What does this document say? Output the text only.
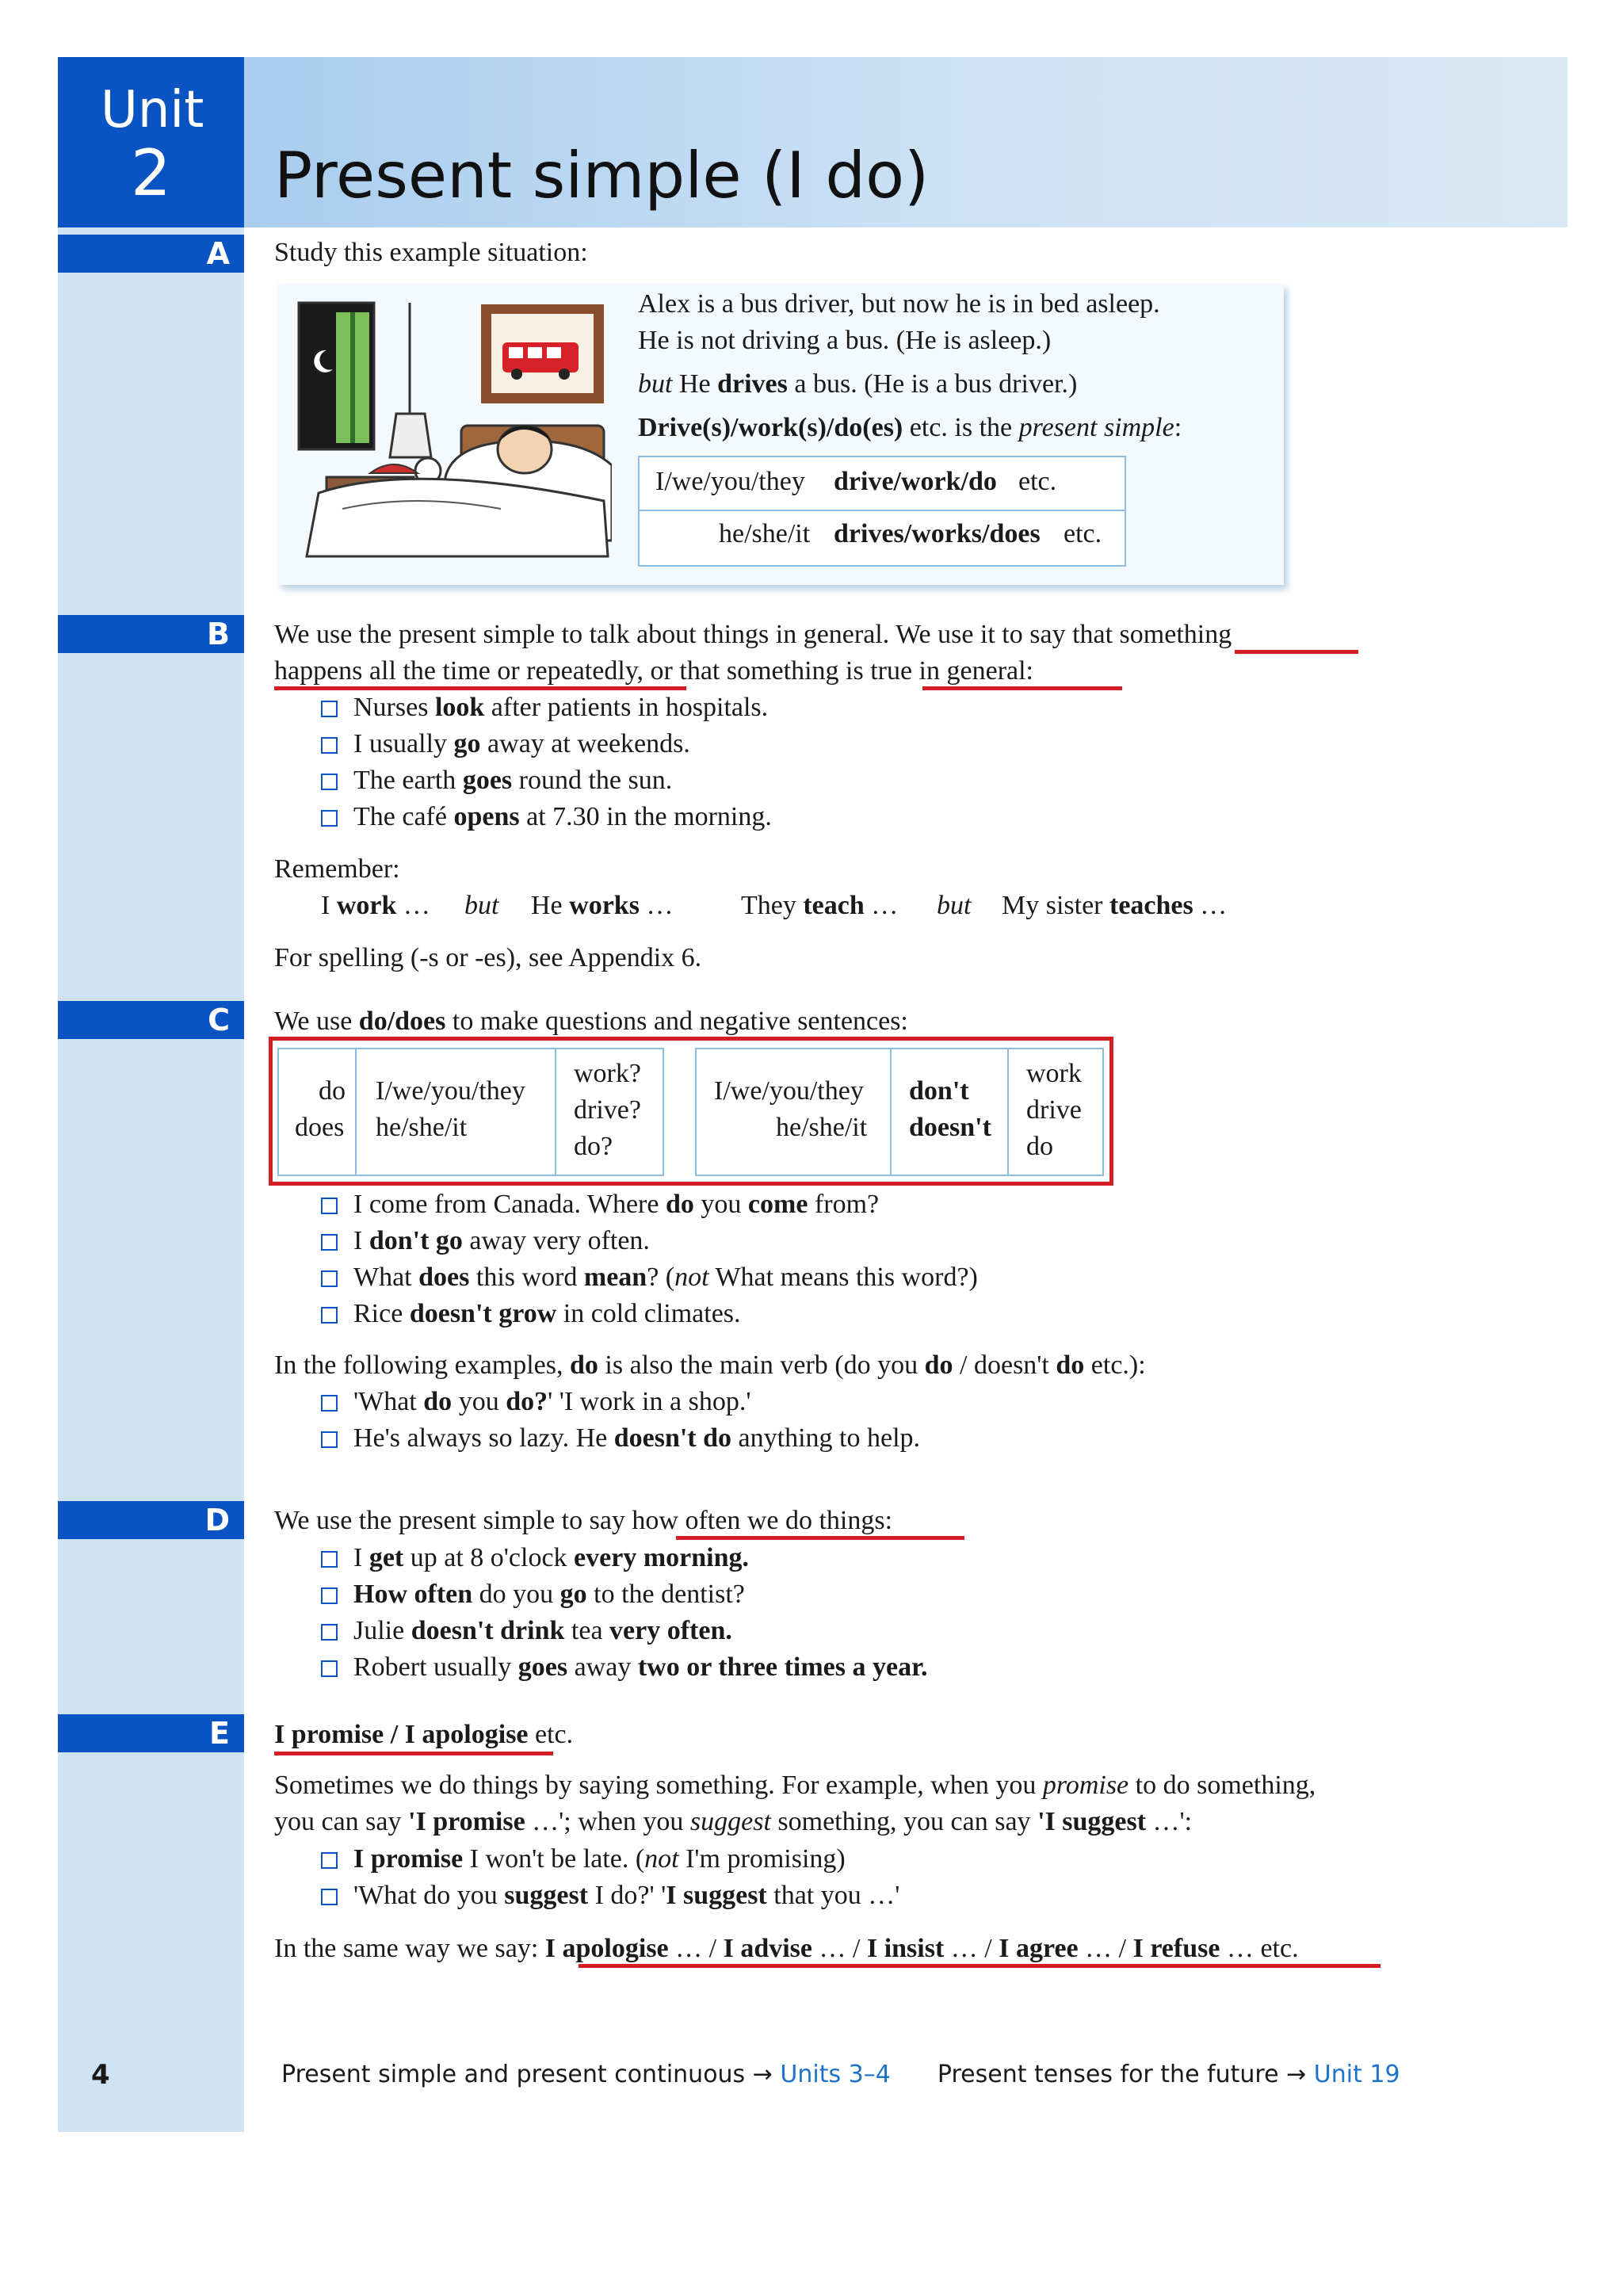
Unit
2 Present simple (I do)
A Study this example situation:

Alex is a bus driver, but now he is in bed asleep.

He is not driving a bus. (He is asleep.)

but He drives a bus. (He is a bus driver.)

Drive(s)/work(s)/do(es) etc. is the present simple:

I/we/you/they drive/work/do etc.
he/she/it drives/works/does etc.
B We use the present simple to talk about things in general. We use it to say that something

happens all the time or repeatedly, or that something is true in general:

Nurses look after patients in hospitals.
I usually go away at weekends.
The earth goes round the sun.
The café opens at 7.30 in the morning.

Remember:

I work … but He works …	They teach … but My sister teaches …

For spelling (-s or -es), see Appendix 6.

C We use do/does to make questions and negative sentences:

do
does
I/we/you/they
he/she/it
work?
drive?
do?
I/we/you/they
he/she/it
don't
doesn't
work
drive
do
I come from Canada. Where do you come from?
I don't go away very often.
What does this word mean? (not What means this word?)
Rice doesn't grow in cold climates.

In the following examples, do is also the main verb (do you do / doesn't do etc.):

'What do you do?' 'I work in a shop.'
He's always so lazy. He doesn't do anything to help.
D We use the present simple to say how often we do things:

I get up at 8 o'clock every morning.
How often do you go to the dentist?
Julie doesn't drink tea very often.
Robert usually goes away two or three times a year.
E I promise / I apologise etc.

Sometimes we do things by saying something. For example, when you promise to do something,

you can say 'I promise …'; when you suggest something, you can say 'I suggest …':

I promise I won't be late. (not I'm promising)
'What do you suggest I do?' 'I suggest that you …'

In the same way we say: I apologise … / I advise … / I insist … / I agree … / I refuse … etc.

4	Present simple and present continuous → Units 3–4 Present tenses for the future → Unit 19
